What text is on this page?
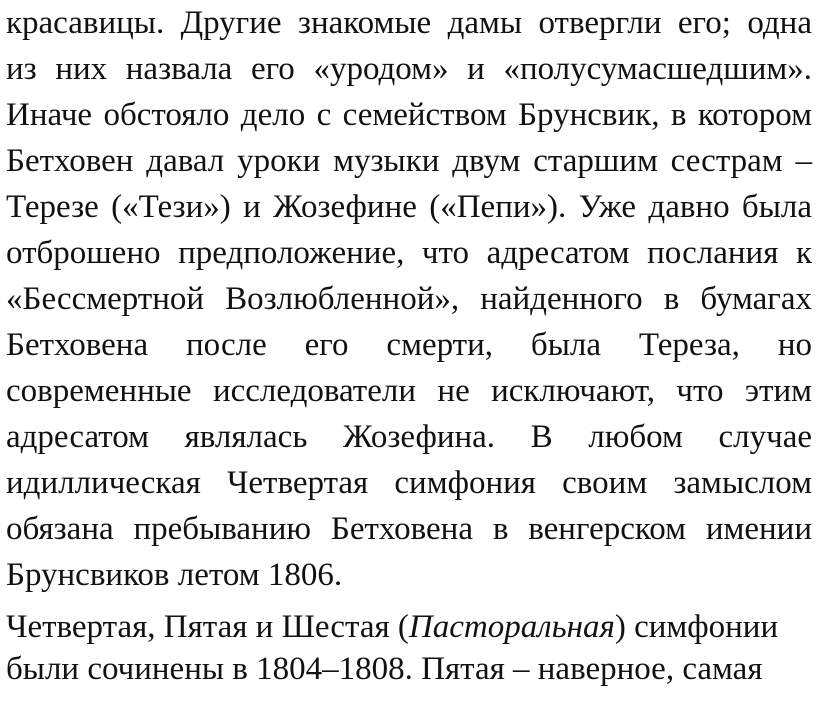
красавицы. Другие знакомые дамы отвергли его; одна
из них назвала его «уродом» и «полусумасшедшим».
Иначе обстояло дело с семейством Брунсвик, в котором
Бетховен давал уроки музыки двум старшим сестрам –
Терезе («Тези») и Жозефине («Пепи»). Уже давно была
отброшено предположение, что адресатом послания к
«Бессмертной Возлюбленной», найденного в бумагах
Бетховена после его смерти, была Тереза, но
современные исследователи не исключают, что этим
адресатом являлась Жозефина. В любом случае
идиллическая Четвертая симфония своим замыслом
обязана пребыванию Бетховена в венгерском имении
Брунсвиков летом 1806.
Четвертая, Пятая и Шестая (Пасторальная) симфонии
были сочинены в 1804–1808. Пятая – наверное, самая
